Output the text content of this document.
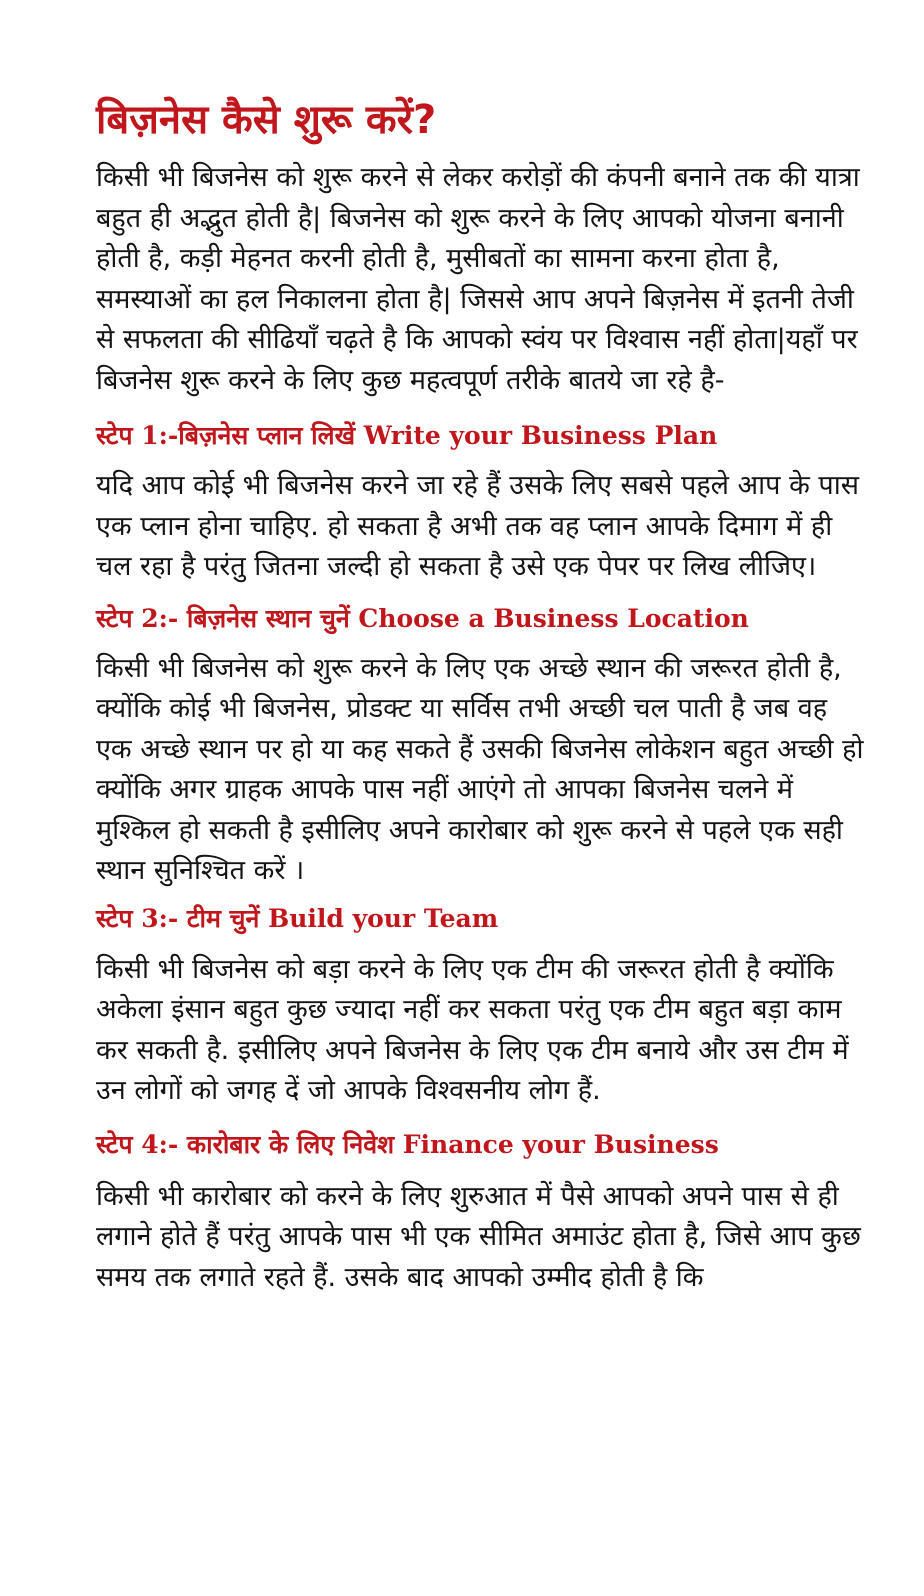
बिज़नेस कैसे शुरू करें?

किसी भी बिजनेस को शुरू करने से लेकर करोड़ों की कंपनी बनाने तक की यात्रा बहुत ही अद्भुत होती है| बिजनेस को शुरू करने के लिए आपको योजना बनानी होती है, कड़ी मेहनत करनी होती है, मुसीबतों का सामना करना होता है, समस्याओं का हल निकालना होता है| जिससे आप अपने बिज़नेस में इतनी तेजी से सफलता की सीढियाँ चढ़ते है कि आपको स्वंय पर विश्वास नहीं होता|यहाँ पर बिजनेस शुरू करने के लिए कुछ महत्वपूर्ण तरीके बातये जा रहे है-

स्टेप 1:-बिज़नेस प्लान लिखें Write your Business Plan

यदि आप कोई भी बिजनेस करने जा रहे हैं उसके लिए सबसे पहले आप के पास एक प्लान होना चाहिए. हो सकता है अभी तक वह प्लान आपके दिमाग में ही चल रहा है परंतु जितना जल्दी हो सकता है उसे एक पेपर पर लिख लीजिए।

स्टेप 2:- बिज़नेस स्थान चुनें Choose a Business Location

किसी भी बिजनेस को शुरू करने के लिए एक अच्छे स्थान की जरूरत होती है, क्योंकि कोई भी बिजनेस, प्रोडक्ट या सर्विस तभी अच्छी चल पाती है जब वह एक अच्छे स्थान पर हो या कह सकते हैं उसकी बिजनेस लोकेशन बहुत अच्छी हो क्योंकि अगर ग्राहक आपके पास नहीं आएंगे तो आपका बिजनेस चलने में मुश्किल हो सकती है इसीलिए अपने कारोबार को शुरू करने से पहले एक सही स्थान सुनिश्चित करें ।

स्टेप 3:- टीम चुनें Build your Team

किसी भी बिजनेस को बड़ा करने के लिए एक टीम की जरूरत होती है क्योंकि अकेला इंसान बहुत कुछ ज्यादा नहीं कर सकता परंतु एक टीम बहुत बड़ा काम कर सकती है. इसीलिए अपने बिजनेस के लिए एक टीम बनाये और उस टीम में उन लोगों को जगह दें जो आपके विश्वसनीय लोग हैं.

स्टेप 4:- कारोबार के लिए निवेश Finance your Business

किसी भी कारोबार को करने के लिए शुरुआत में पैसे आपको अपने पास से ही लगाने होते हैं परंतु आपके पास भी एक सीमित अमाउंट होता है, जिसे आप कुछ समय तक लगाते रहते हैं. उसके बाद आपको उम्मीद होती है कि
